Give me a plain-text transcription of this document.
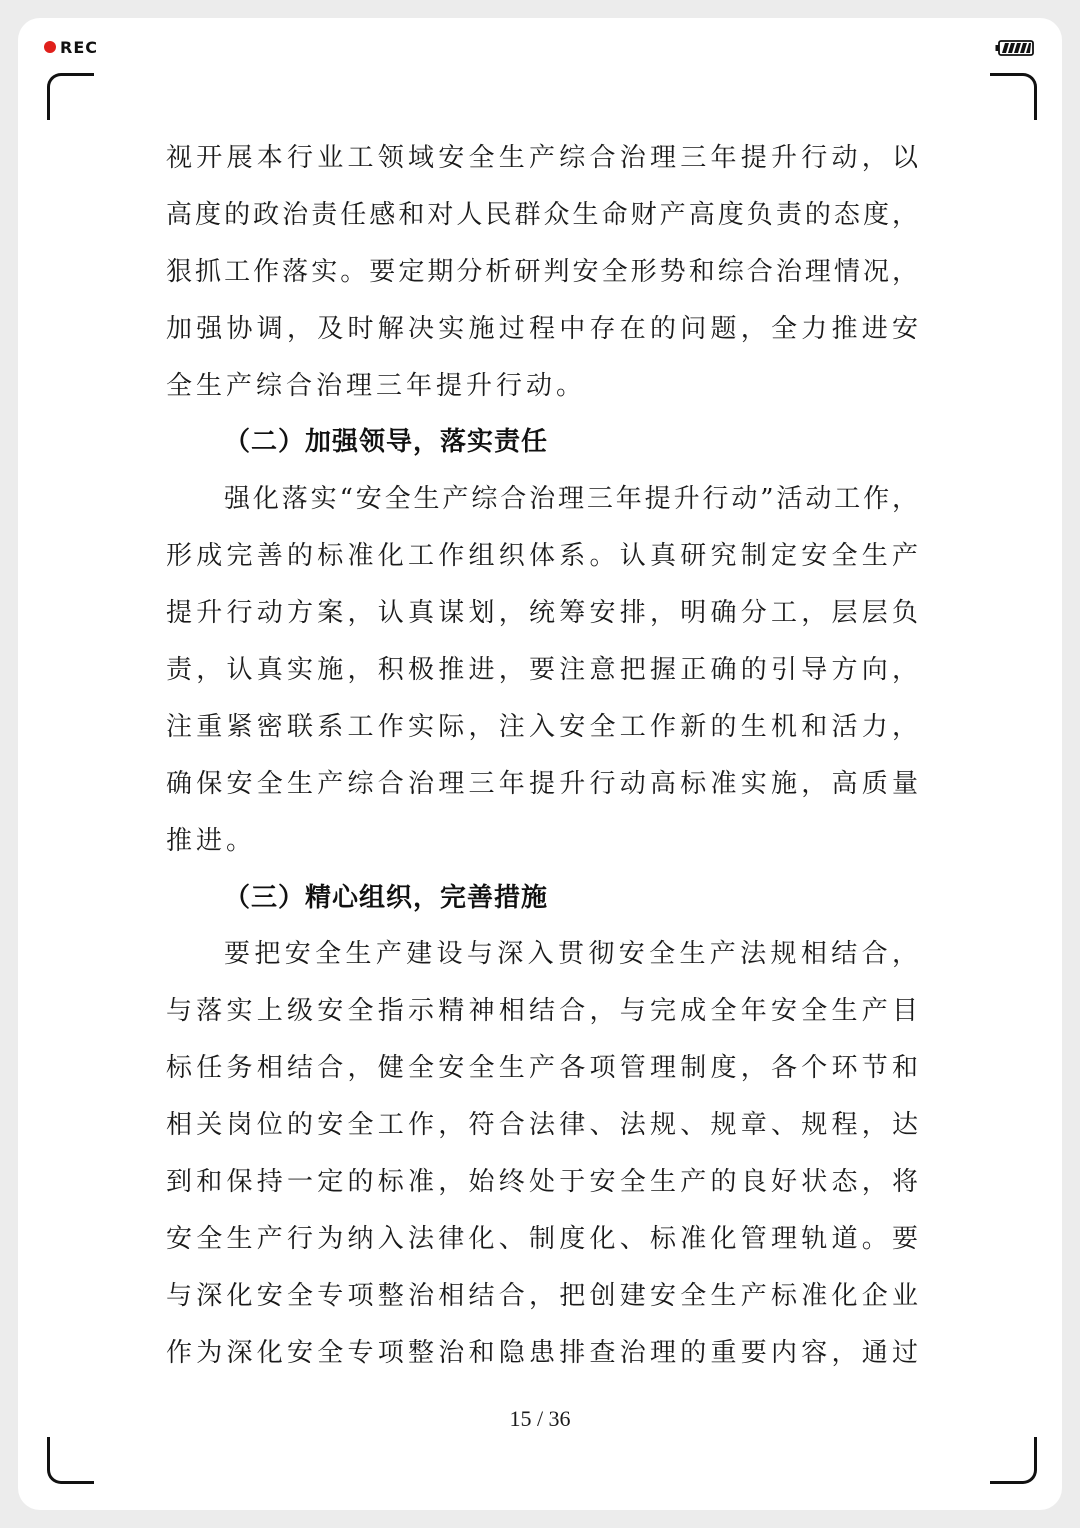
REC
视开展本行业工领域安全生产综合治理三年提升行动，以
高度的政治责任感和对人民群众生命财产高度负责的态度，
狠抓工作落实。要定期分析研判安全形势和综合治理情况，
加强协调，及时解决实施过程中存在的问题，全力推进安
全生产综合治理三年提升行动。
（二）加强领导，落实责任
强化落实“安全生产综合治理三年提升行动”活动工作，
形成完善的标准化工作组织体系。认真研究制定安全生产
提升行动方案，认真谋划，统筹安排，明确分工，层层负
责，认真实施，积极推进，要注意把握正确的引导方向，
注重紧密联系工作实际，注入安全工作新的生机和活力，
确保安全生产综合治理三年提升行动高标准实施，高质量
推进。
（三）精心组织，完善措施
要把安全生产建设与深入贯彻安全生产法规相结合，
与落实上级安全指示精神相结合，与完成全年安全生产目
标任务相结合，健全安全生产各项管理制度，各个环节和
相关岗位的安全工作，符合法律、法规、规章、规程，达
到和保持一定的标准，始终处于安全生产的良好状态，将
安全生产行为纳入法律化、制度化、标准化管理轨道。要
与深化安全专项整治相结合，把创建安全生产标准化企业
作为深化安全专项整治和隐患排查治理的重要内容，通过
15 / 36
